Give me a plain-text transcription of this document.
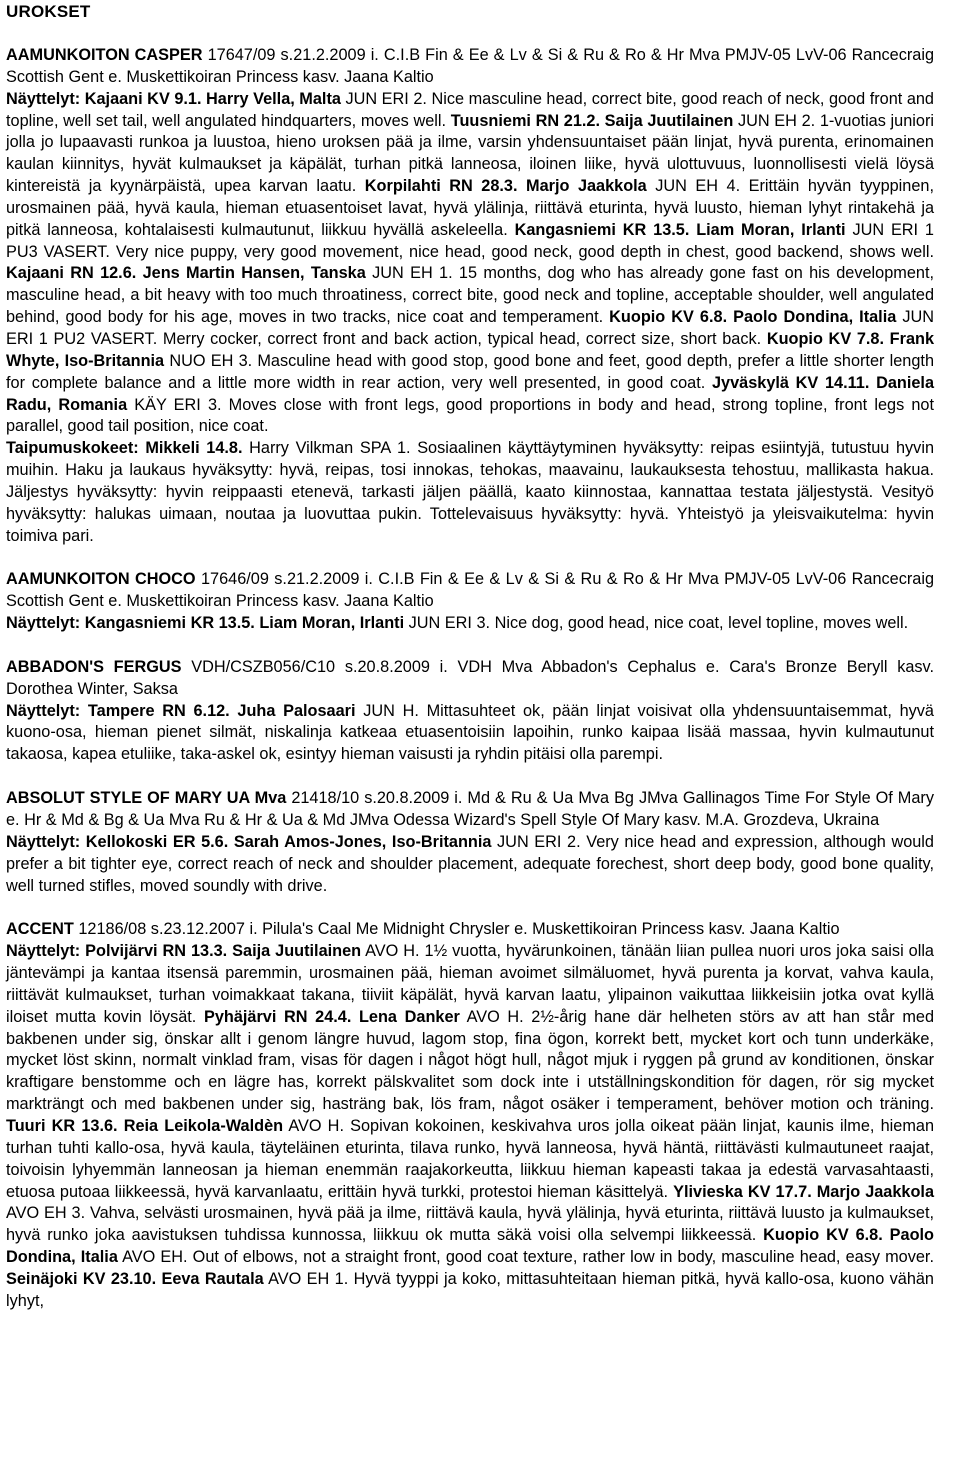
UROKSET

AAMUNKOITON CASPER 17647/09 s.21.2.2009 i. C.I.B Fin & Ee & Lv & Si & Ru & Ro & Hr Mva PMJV-05 LvV-06 Rancecraig Scottish Gent e. Muskettikoiran Princess kasv. Jaana Kaltio

Näyttelyt: Kajaani KV 9.1. Harry Vella, Malta JUN ERI 2. Nice masculine head, correct bite, good reach of neck, good front and topline, well set tail, well angulated hindquarters, moves well. Tuusniemi RN 21.2. Saija Juutilainen JUN EH 2. 1-vuotias juniori jolla jo lupaavasti runkoa ja luustoa, hieno uroksen pää ja ilme, varsin yhdensuuntaiset pään linjat, hyvä purenta, erinomainen kaulan kiinnitys, hyvät kulmaukset ja käpälät, turhan pitkä lanneosa, iloinen liike, hyvä ulottuvuus, luonnollisesti vielä löysä kintereistä ja kyynärpäistä, upea karvan laatu. Korpilahti RN 28.3. Marjo Jaakkola JUN EH 4. Erittäin hyvän tyyppinen, urosmainen pää, hyvä kaula, hieman etuasentoiset lavat, hyvä ylälinja, riittävä eturinta, hyvä luusto, hieman lyhyt rintakehä ja pitkä lanneosa, kohtalaisesti kulmautunut, liikkuu hyvällä askeleella. Kangasniemi KR 13.5. Liam Moran, Irlanti JUN ERI 1 PU3 VASERT. Very nice puppy, very good movement, nice head, good neck, good depth in chest, good backend, shows well. Kajaani RN 12.6. Jens Martin Hansen, Tanska JUN EH 1. 15 months, dog who has already gone fast on his development, masculine head, a bit heavy with too much throatiness, correct bite, good neck and topline, acceptable shoulder, well angulated behind, good body for his age, moves in two tracks, nice coat and temperament. Kuopio KV 6.8. Paolo Dondina, Italia JUN ERI 1 PU2 VASERT. Merry cocker, correct front and back action, typical head, correct size, short back. Kuopio KV 7.8. Frank Whyte, Iso-Britannia NUO EH 3. Masculine head with good stop, good bone and feet, good depth, prefer a little shorter length for complete balance and a little more width in rear action, very well presented, in good coat. Jyväskylä KV 14.11. Daniela Radu, Romania KÄY ERI 3. Moves close with front legs, good proportions in body and head, strong topline, front legs not parallel, good tail position, nice coat.

Taipumuskokeet: Mikkeli 14.8. Harry Vilkman SPA 1. Sosiaalinen käyttäytyminen hyväksytty: reipas esiintyjä, tutustuu hyvin muihin. Haku ja laukaus hyväksytty: hyvä, reipas, tosi innokas, tehokas, maavainu, laukauksesta tehostuu, mallikasta hakua. Jäljestys hyväksytty: hyvin reippaasti etenevä, tarkasti jäljen päällä, kaato kiinnostaa, kannattaa testata jäljestystä. Vesityö hyväksytty: halukas uimaan, noutaa ja luovuttaa pukin. Tottelevaisuus hyväksytty: hyvä. Yhteistyö ja yleisvaikutelma: hyvin toimiva pari.

AAMUNKOITON CHOCO 17646/09 s.21.2.2009 i. C.I.B Fin & Ee & Lv & Si & Ru & Ro & Hr Mva PMJV-05 LvV-06 Rancecraig Scottish Gent e. Muskettikoiran Princess kasv. Jaana Kaltio

Näyttelyt: Kangasniemi KR 13.5. Liam Moran, Irlanti JUN ERI 3. Nice dog, good head, nice coat, level topline, moves well.

ABBADON'S FERGUS VDH/CSZB056/C10 s.20.8.2009 i. VDH Mva Abbadon's Cephalus e. Cara's Bronze Beryll kasv. Dorothea Winter, Saksa

Näyttelyt: Tampere RN 6.12. Juha Palosaari JUN H. Mittasuhteet ok, pään linjat voisivat olla yhdensuuntaisemmat, hyvä kuono-osa, hieman pienet silmät, niskalinja katkeaa etuasentoisiin lapoihin, runko kaipaa lisää massaa, hyvin kulmautunut takaosa, kapea etuliike, taka-askel ok, esintyy hieman vaisusti ja ryhdin pitäisi olla parempi.

ABSOLUT STYLE OF MARY UA Mva 21418/10 s.20.8.2009 i. Md & Ru & Ua Mva Bg JMva Gallinagos Time For Style Of Mary e. Hr & Md & Bg & Ua Mva Ru & Hr & Ua & Md JMva Odessa Wizard's Spell Style Of Mary kasv. M.A. Grozdeva, Ukraina

Näyttelyt: Kellokoski ER 5.6. Sarah Amos-Jones, Iso-Britannia JUN ERI 2. Very nice head and expression, although would prefer a bit tighter eye, correct reach of neck and shoulder placement, adequate forechest, short deep body, good bone quality, well turned stifles, moved soundly with drive.

ACCENT 12186/08 s.23.12.2007 i. Pilula's Caal Me Midnight Chrysler e. Muskettikoiran Princess kasv. Jaana Kaltio

Näyttelyt: Polvijärvi RN 13.3. Saija Juutilainen AVO H. 1½ vuotta, hyvärunkoinen, tänään liian pullea nuori uros joka saisi olla jäntevämpi ja kantaa itsensä paremmin, urosmainen pää, hieman avoimet silmäluomet, hyvä purenta ja korvat, vahva kaula, riittävät kulmaukset, turhan voimakkaat takana, tiiviit käpälät, hyvä karvan laatu, ylipainon vaikuttaa liikkeisiin jotka ovat kyllä iloiset mutta kovin löysät. Pyhäjärvi RN 24.4. Lena Danker AVO H. 2½-årig hane där helheten störs av att han står med bakbenen under sig, önskar allt i genom längre huvud, lagom stop, fina ögon, korrekt bett, mycket kort och tunn underkäke, mycket löst skinn, normalt vinklad fram, visas för dagen i något högt hull, något mjuk i ryggen på grund av konditionen, önskar kraftigare benstomme och en lägre has, korrekt pälskvalitet som dock inte i utställningskondition för dagen, rör sig mycket markträngt och med bakbenen under sig, hasträng bak, lös fram, något osäker i temperament, behöver motion och träning. Tuuri KR 13.6. Reia Leikola-Waldèn AVO H. Sopivan kokoinen, keskivahva uros jolla oikeat pään linjat, kaunis ilme, hieman turhan tuhti kallo-osa, hyvä kaula, täyteläinen eturinta, tilava runko, hyvä lanneosa, hyvä häntä, riittävästi kulmautuneet raajat, toivoisin lyhyemmän lanneosan ja hieman enemmän raajakorkeutta, liikkuu hieman kapeasti takaa ja edestä varvasahtaasti, etuosa putoaa liikkeessä, hyvä karvanlaatu, erittäin hyvä turkki, protestoi hieman käsittelyä. Ylivieska KV 17.7. Marjo Jaakkola AVO EH 3. Vahva, selvästi urosmainen, hyvä pää ja ilme, riittävä kaula, hyvä ylälinja, hyvä eturinta, riittävä luusto ja kulmaukset, hyvä runko joka aavistuksen tuhdissa kunnossa, liikkuu ok mutta säkä voisi olla selvempi liikkeessä. Kuopio KV 6.8. Paolo Dondina, Italia AVO EH. Out of elbows, not a straight front, good coat texture, rather low in body, masculine head, easy mover. Seinäjoki KV 23.10. Eeva Rautala AVO EH 1. Hyvä tyyppi ja koko, mittasuhteitaan hieman pitkä, hyvä kallo-osa, kuono vähän lyhyt,
